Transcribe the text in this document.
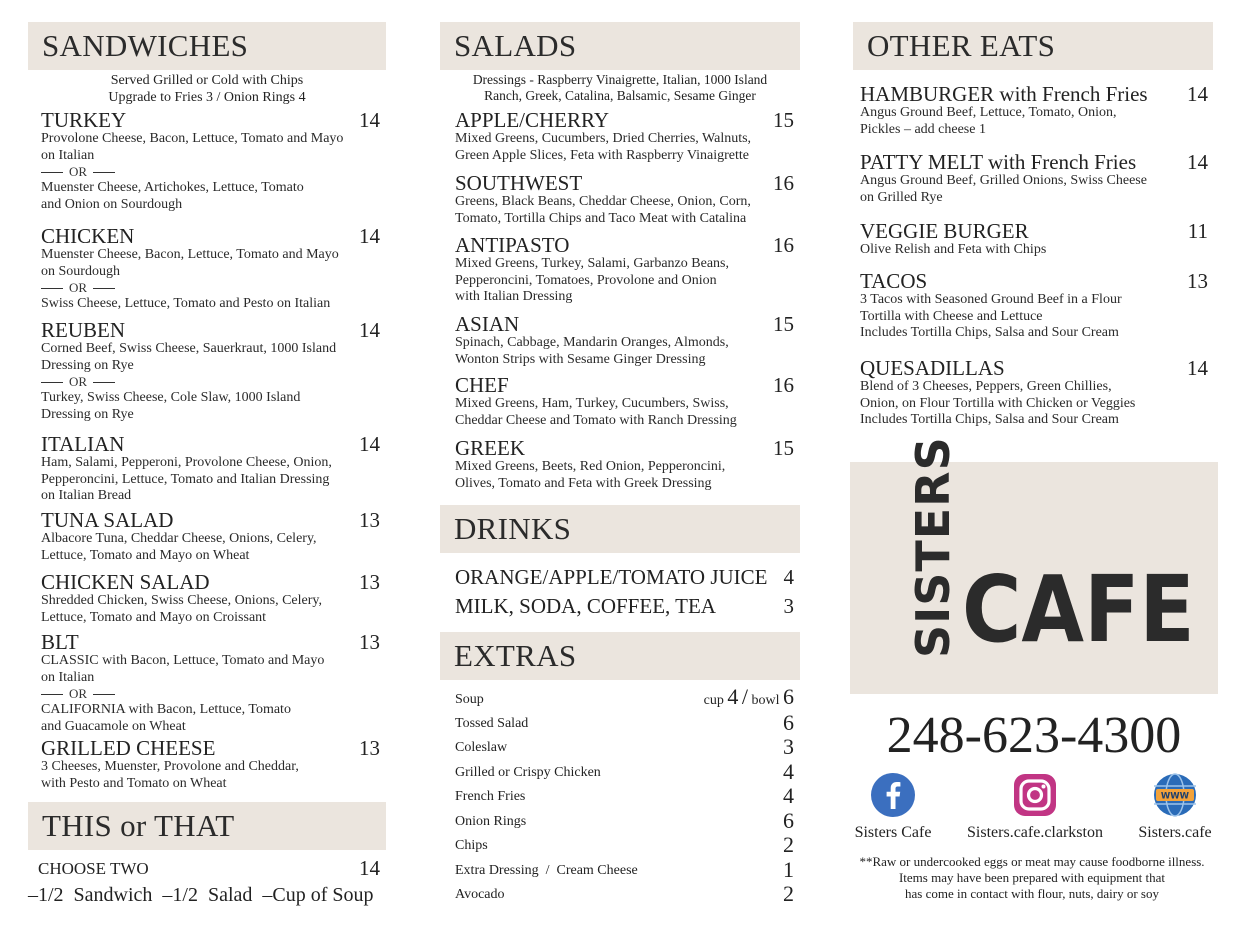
SANDWICHES
Served Grilled or Cold with Chips
Upgrade to Fries 3 / Onion Rings 4
TURKEY	14
Provolone Cheese, Bacon, Lettuce, Tomato and Mayo
on Italian
OR
Muenster Cheese, Artichokes, Lettuce, Tomato
and Onion on Sourdough
CHICKEN	14
Muenster Cheese, Bacon, Lettuce, Tomato and Mayo
on Sourdough
OR
Swiss Cheese, Lettuce, Tomato and Pesto on Italian
REUBEN	14
Corned Beef, Swiss Cheese, Sauerkraut, 1000 Island
Dressing on Rye
OR
Turkey, Swiss Cheese, Cole Slaw, 1000 Island
Dressing on Rye
ITALIAN	14
Ham, Salami, Pepperoni, Provolone Cheese, Onion,
Pepperoncini, Lettuce, Tomato and Italian Dressing
on Italian Bread
TUNA SALAD	13
Albacore Tuna, Cheddar Cheese, Onions, Celery,
Lettuce, Tomato and Mayo on Wheat
CHICKEN SALAD	13
Shredded Chicken, Swiss Cheese, Onions, Celery,
Lettuce, Tomato and Mayo on Croissant
BLT	13
CLASSIC with Bacon, Lettuce, Tomato and Mayo
on Italian
OR
CALIFORNIA with Bacon, Lettuce, Tomato
and Guacamole on Wheat
GRILLED CHEESE	13
3 Cheeses, Muenster, Provolone and Cheddar,
with Pesto and Tomato on Wheat
THIS or THAT
CHOOSE TWO	14
–1/2  Sandwich  –1/2  Salad  –Cup of Soup
SALADS
Dressings - Raspberry Vinaigrette, Italian, 1000 Island
Ranch, Greek, Catalina, Balsamic, Sesame Ginger
APPLE/CHERRY	15
Mixed Greens, Cucumbers, Dried Cherries, Walnuts,
Green Apple Slices, Feta with Raspberry Vinaigrette
SOUTHWEST	16
Greens, Black Beans, Cheddar Cheese, Onion, Corn,
Tomato, Tortilla Chips and Taco Meat with Catalina
ANTIPASTO	16
Mixed Greens, Turkey, Salami, Garbanzo Beans,
Pepperoncini, Tomatoes, Provolone and Onion
with Italian Dressing
ASIAN	15
Spinach, Cabbage, Mandarin Oranges, Almonds,
Wonton Strips with Sesame Ginger Dressing
CHEF	16
Mixed Greens, Ham, Turkey, Cucumbers, Swiss,
Cheddar Cheese and Tomato with Ranch Dressing
GREEK	15
Mixed Greens, Beets, Red Onion, Pepperoncini,
Olives, Tomato and Feta with Greek Dressing
DRINKS
ORANGE/APPLE/TOMATO JUICE 4
MILK, SODA, COFFEE, TEA	3
EXTRAS
Soup	cup 4 / bowl 6
Tossed Salad	6
Coleslaw	3
Grilled or Crispy Chicken	4
French Fries	4
Onion Rings	6
Chips	2
Extra Dressing  /  Cream Cheese	1
Avocado	2
OTHER EATS
HAMBURGER with French Fries	14
Angus Ground Beef, Lettuce, Tomato, Onion,
Pickles – add cheese 1
PATTY MELT with French Fries	14
Angus Ground Beef, Grilled Onions, Swiss Cheese
on Grilled Rye
VEGGIE BURGER	11
Olive Relish and Feta with Chips
TACOS	13
3 Tacos with Seasoned Ground Beef in a Flour
Tortilla with Cheese and Lettuce
Includes Tortilla Chips, Salsa and Sour Cream
QUESADILLAS	14
Blend of 3 Cheeses, Peppers, Green Chillies,
Onion, on Flour Tortilla with Chicken or Veggies
Includes Tortilla Chips, Salsa and Sour Cream
SISTERS CAFE
248-623-4300
Sisters Cafe	Sisters.cafe.clarkston
WWW
Sisters.cafe
**Raw or undercooked eggs or meat may cause foodborne illness.
Items may have been prepared with equipment that
has come in contact with flour, nuts, dairy or soy
